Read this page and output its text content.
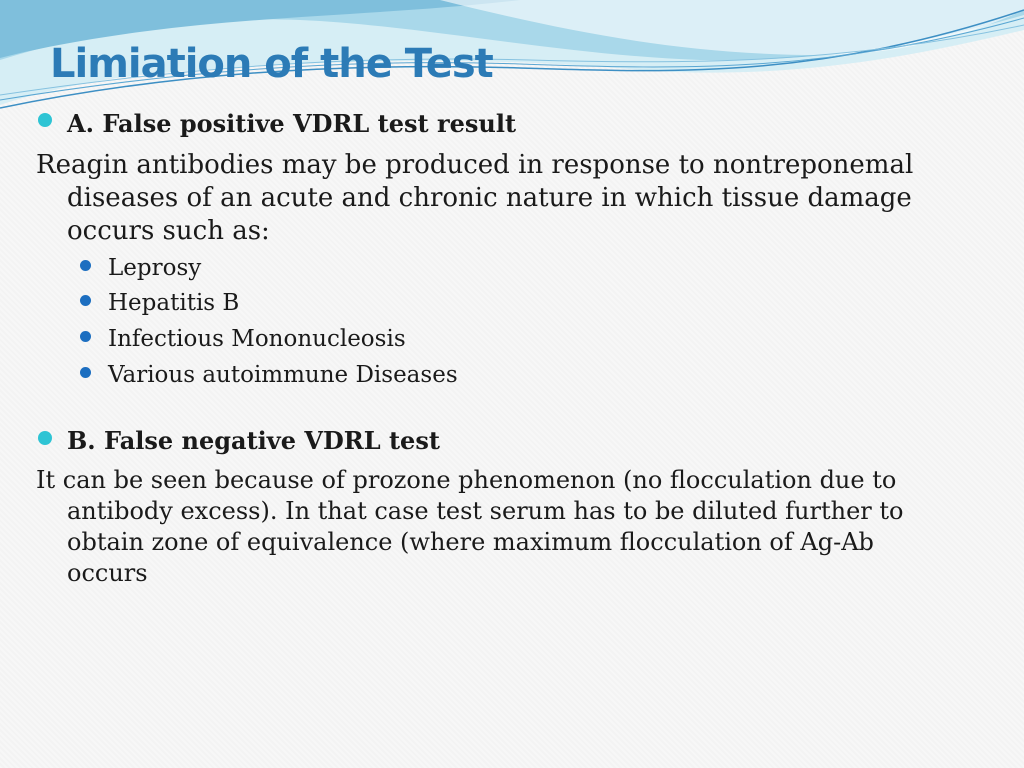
Limiation of the Test
A. False positive VDRL test result

Reagin antibodies may be produced in response to nontreponemal diseases of an acute and chronic nature in which tissue damage occurs such as:

Leprosy
Hepatitis B
Infectious Mononucleosis
Various autoimmune Diseases
B. False negative VDRL test

It can be seen because of prozone phenomenon (no flocculation due to antibody excess). In that case test serum has to be diluted further to obtain zone of equivalence (where maximum flocculation of Ag-Ab occurs
